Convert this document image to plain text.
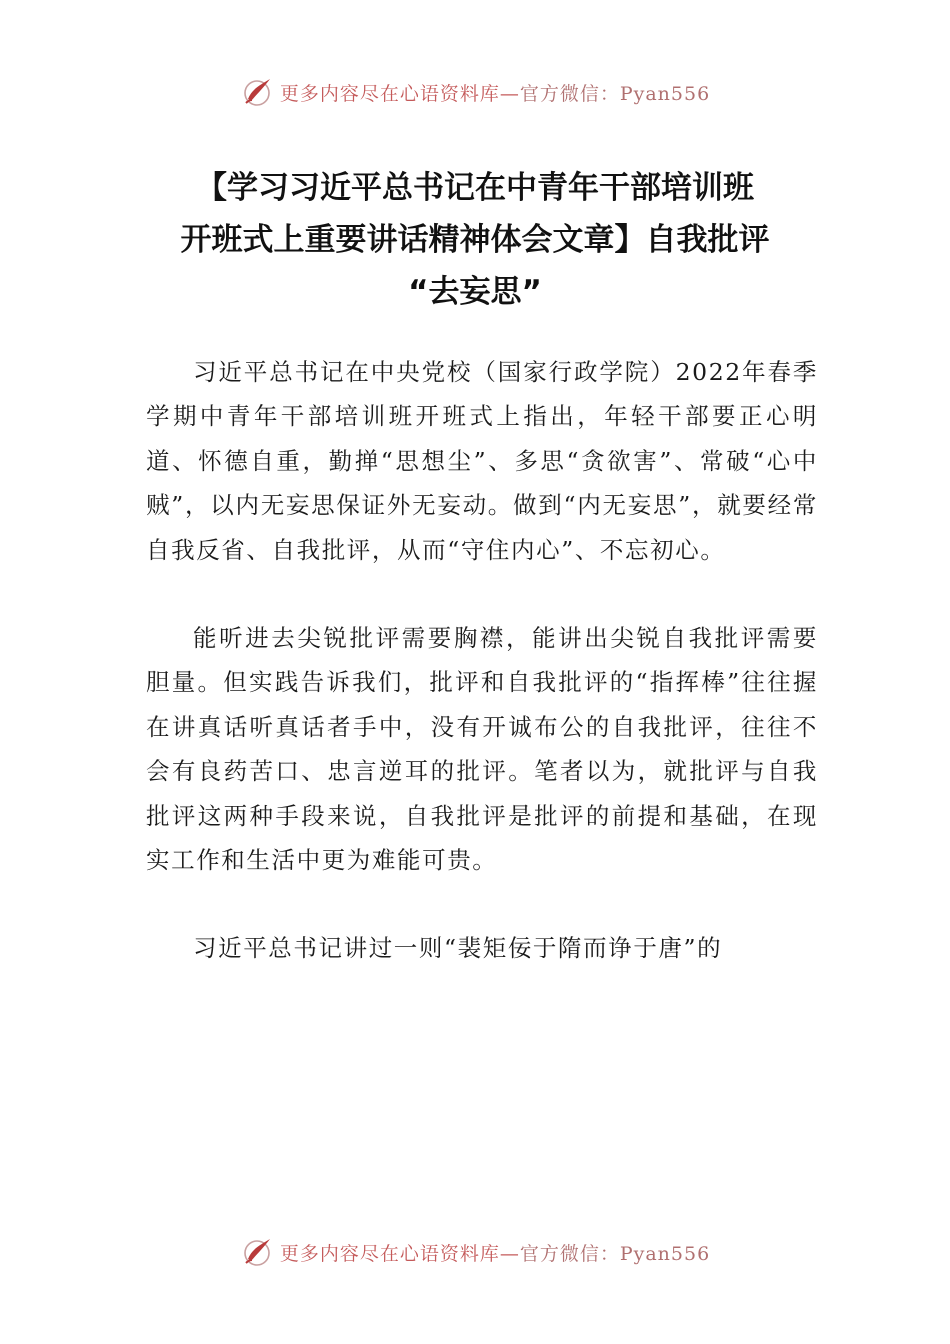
更多内容尽在心语资料库—官方微信：Pyan556
【学习习近平总书记在中青年干部培训班
开班式上重要讲话精神体会文章】自我批评
“去妄思”

习近平总书记在中央党校（国家行政学院）2022年春季学期中青年干部培训班开班式上指出，年轻干部要正心明道、怀德自重，勤掸“思想尘”、多思“贪欲害”、常破“心中贼”，以内无妄思保证外无妄动。做到“内无妄思”，就要经常自我反省、自我批评，从而“守住内心”、不忘初心。

能听进去尖锐批评需要胸襟，能讲出尖锐自我批评需要胆量。但实践告诉我们，批评和自我批评的“指挥棒”往往握在讲真话听真话者手中，没有开诚布公的自我批评，往往不会有良药苦口、忠言逆耳的批评。笔者以为，就批评与自我批评这两种手段来说，自我批评是批评的前提和基础，在现实工作和生活中更为难能可贵。

习近平总书记讲过一则“裴矩佞于隋而诤于唐”的

更多内容尽在心语资料库—官方微信：Pyan556
